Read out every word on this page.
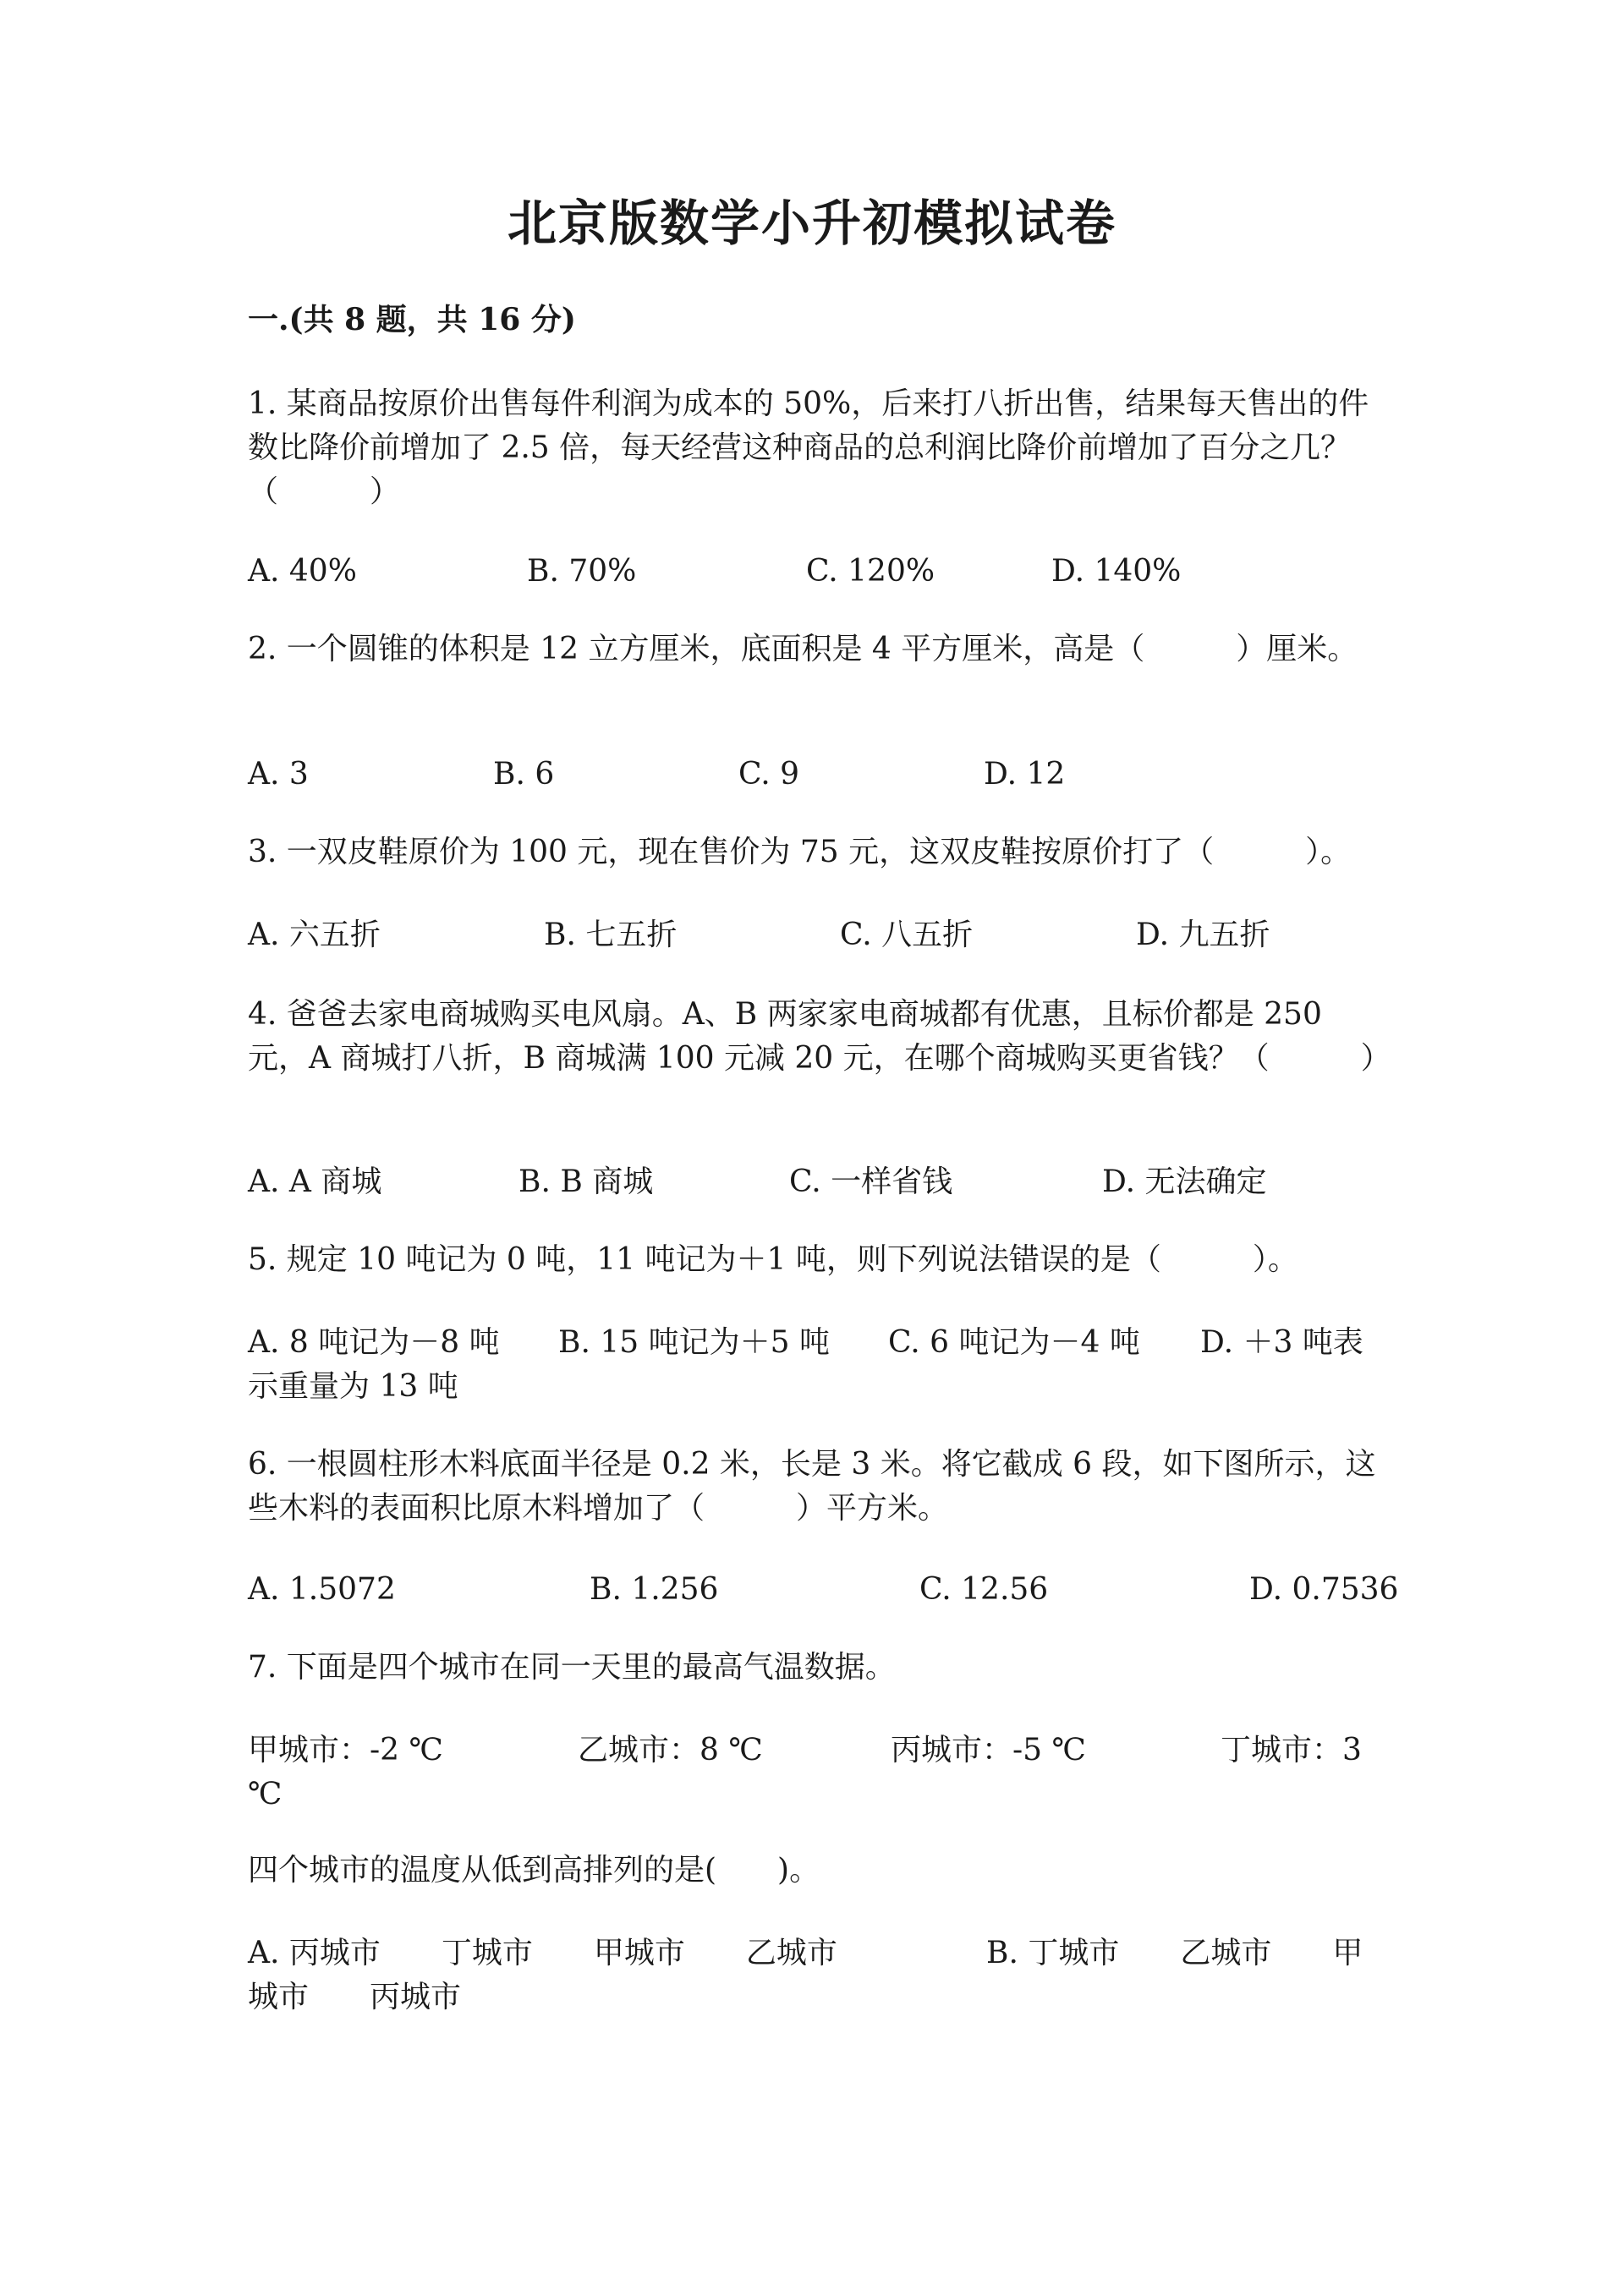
北京版数学小升初模拟试卷
一.(共 8 题，共 16 分)
1. 某商品按原价出售每件利润为成本的 50%，后来打八折出售，结果每天售出的件数比降价前增加了 2.5 倍，每天经营这种商品的总利润比降价前增加了百分之几？（　　　）
A. 40%	B. 70%	C. 120%	D. 140%
2. 一个圆锥的体积是 12 立方厘米，底面积是 4 平方厘米，高是（　　　）厘米。
A. 3	B. 6	C. 9	D. 12
3. 一双皮鞋原价为 100 元，现在售价为 75 元，这双皮鞋按原价打了（　　　）。
A. 六五折	B. 七五折	C. 八五折	D. 九五折
4. 爸爸去家电商城购买电风扇。A、B 两家家电商城都有优惠，且标价都是 250 元，A 商城打八折，B 商城满 100 元减 20 元，在哪个商城购买更省钱？（　　　）
A. A 商城	B. B 商城	C. 一样省钱	D. 无法确定
5. 规定 10 吨记为 0 吨，11 吨记为＋1 吨，则下列说法错误的是（　　　）。
A. 8 吨记为－8 吨 B. 15 吨记为＋5 吨 C. 6 吨记为－4 吨	D. ＋3 吨表示重量为 13 吨
6. 一根圆柱形木料底面半径是 0.2 米，长是 3 米。将它截成 6 段，如下图所示，这些木料的表面积比原木料增加了（　　　）平方米。
A. 1.5072	B. 1.256	C. 12.56	D. 0.7536
7. 下面是四个城市在同一天里的最高气温数据。
甲城市：-2 ℃	乙城市：8 ℃	丙城市：-5 ℃	丁城市：3 ℃
四个城市的温度从低到高排列的是(　　)。
A. 丙城市　　丁城市　　甲城市　　乙城市	B. 丁城市　　乙城市　　甲城市　　丙城市
